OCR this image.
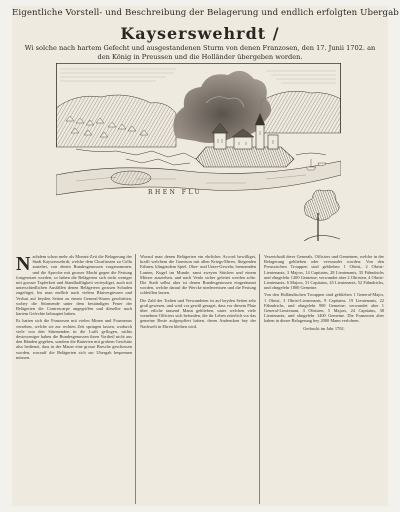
Eigentliche Vorstell- und Beschreibung der Belagerung und endlich erfolgten Ubergab
Kayserswehrdt /
Wi solche nach hartem Gefecht und ausgestandenen Sturm von denen Franzosen, den 17. Junii 1702. an
den König in Preussen und die Holländer übergeben worden.
RHEN FLU
N achdem schon mehr als Monats-Zeit die Belagerung der Stadt Kayserswehrdt, welche dem Churfürsten zu Cölln zustehet, von denen Bundesgenossen vorgenommen, und die Aproche mit grosser Macht gegen die Festung fortgesetzet worden, so haben die Belägerten sich nicht weniger mit grosser Tapferkeit und Standhafftigkeit verteydiget, auch mit unterschiedlichen Ausfällen denen Belägerern grossen Schaden zugefüget, bis man endlich nach vielem Blutvergiessen und Verlust auf beyden Seiten zu einem General-Sturm geschritten, wobey die Stürmende unter dem beständigen Feuer der Belägerten die Contrescarpe angegriffen und dieselbe nach hartem Gefechte behauptet haben.

Es hatten sich die Franzosen mit vielen Minen und Fourneaux versehen, welche sie zur rechten Zeit springen lassen, wodurch viele von den Stürmenden in die Lufft geflogen, nichts destoweniger haben die Bundesgenossen ihren Vortheil nicht aus den Händen gegeben, sondern die Batterien mit grobem Geschütz also bedienet, dass in der Mauer eine grosse Bresche geschossen worden, worauff die Belägerten sich zur Ubergab bequemen müssen.

Worauf man denen Belägerten ein ehrlicher Accord bewilliget, krafft welchem die Garnison mit allen Kriegs-Ehren, fliegenden Fahnen, klingendem Spiel, Ober- und Unter-Gewehr, brennenden Lunten, Kugel im Munde, samt zweyen Stücken und einem Mörser ausziehen, und nach Venlo sicher geleitet werden solte. Die Stadt selbst aber ist denen Bundesgenossen eingeräumet worden, welche darauf die Wercke niederreissen und die Festung schleiffen lassen.

Die Zahl der Todten und Verwundeten ist auf beyden Seiten sehr groß gewesen, und wird vor gewiß gesaget, dass vor diesem Platz über etliche tausend Mann geblieben, unter welchen viele vornehme Officiers sich befunden, die ihr Leben ritterlich vor das gemeine Beste aufgeopffert haben, deren Andencken bey der Nachwelt in Ehren bleiben wird.

Verzeichniß derer Generals, Officiers und Gemeinen, welche in der Belagerung geblieben oder verwundet worden: Von den Preussischen Trouppen sind geblieben 1 Obrist, 2 Obrist-Lieutenants, 3 Majors, 14 Capitains, 28 Lieutenants, 35 Fähndrichs und ohngefehr 1200 Gemeine; verwundet aber 2 Obristen, 4 Obrist-Lieutenants, 6 Majors, 31 Capitains, 45 Lieutenants, 52 Fähndrichs, und ohngefehr 1800 Gemeine.

Von den Holländischen Trouppen sind geblieben 1 General-Major, 1 Obrist, 3 Obrist-Lieutenants, 9 Capitains, 19 Lieutenants, 22 Fähndrichs, und ohngefehr 900 Gemeine; verwundet aber 1 General-Lieutenant, 3 Obristen, 5 Majors, 24 Capitains, 38 Lieutenants, und ohngefehr 1400 Gemeine. Die Franzosen aber haben in dieser Belagerung bey 2000 Mann verlohren.

Gedruckt im Jahr 1702.
